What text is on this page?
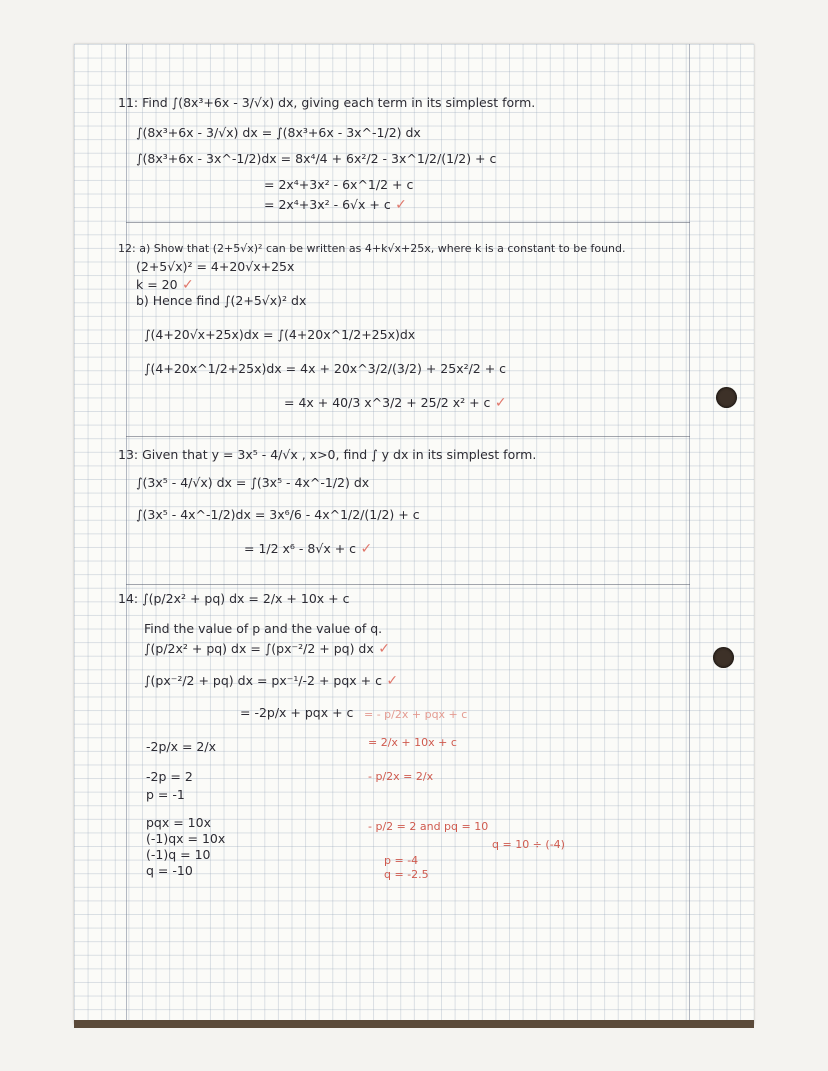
11: Find ∫(8x³+6x - 3/√x) dx, giving each term in its simplest form.
∫(8x³+6x - 3/√x) dx = ∫(8x³+6x - 3x^-1/2) dx
∫(8x³+6x - 3x^-1/2)dx = 8x⁴/4 + 6x²/2 - 3x^1/2/(1/2) + c
= 2x⁴+3x² - 6x^1/2 + c
= 2x⁴+3x² - 6√x + c ✓
12: a) Show that (2+5√x)² can be written as 4+k√x+25x, where k is a constant to be found.
(2+5√x)² = 4+20√x+25x
k = 20 ✓
b) Hence find ∫(2+5√x)² dx
∫(4+20√x+25x)dx = ∫(4+20x^1/2+25x)dx
∫(4+20x^1/2+25x)dx = 4x + 20x^3/2/(3/2) + 25x²/2 + c
= 4x + 40/3 x^3/2 + 25/2 x² + c ✓
13: Given that y = 3x⁵ - 4/√x , x>0, find ∫ y dx in its simplest form.
∫(3x⁵ - 4/√x) dx = ∫(3x⁵ - 4x^-1/2) dx
∫(3x⁵ - 4x^-1/2)dx = 3x⁶/6 - 4x^1/2/(1/2) + c
= 1/2 x⁶ - 8√x + c ✓
14: ∫(p/2x² + pq) dx = 2/x + 10x + c
Find the value of p and the value of q.
∫(p/2x² + pq) dx = ∫(px⁻²/2 + pq) dx ✓
∫(px⁻²/2 + pq) dx = px⁻¹/-2 + pqx + c ✓
= -2p/x + pqx + c
-2p/x = 2/x
-2p = 2
p = -1
pqx = 10x
(-1)qx = 10x
(-1)q = 10
q = -10
= - p/2x + pqx + c
= 2/x + 10x + c
- p/2x = 2/x
- p/2 = 2 and pq = 10
q = 10 ÷ (-4)
p = -4
q = -2.5
